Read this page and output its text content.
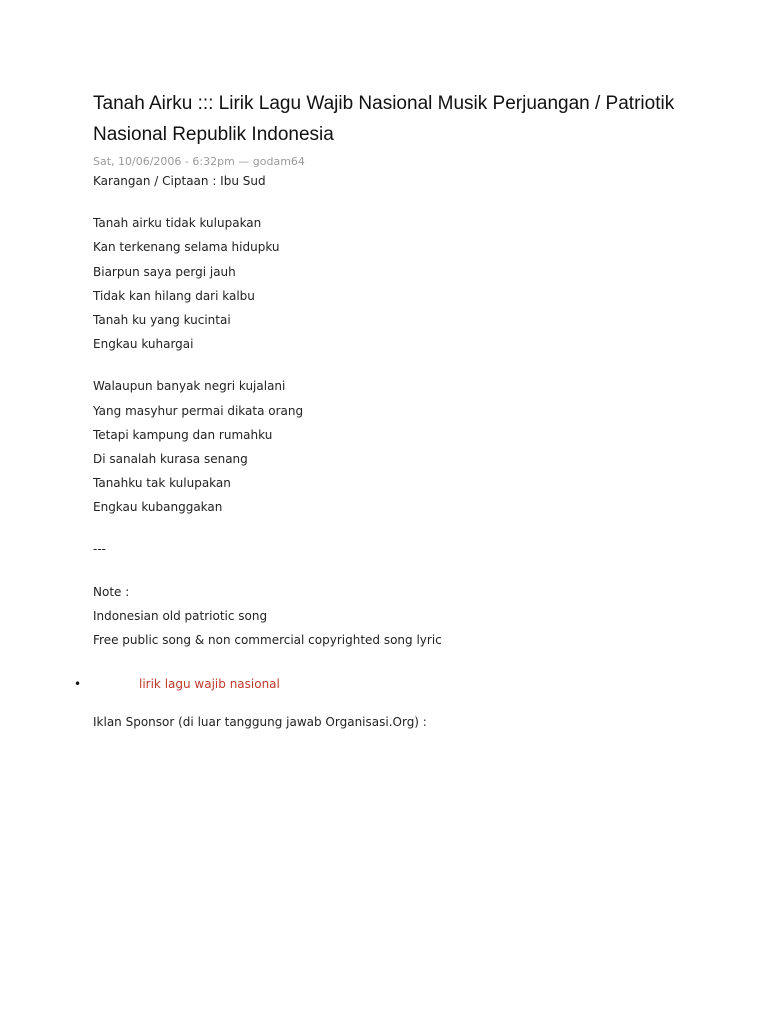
Tanah Airku ::: Lirik Lagu Wajib Nasional Musik Perjuangan / Patriotik Nasional Republik Indonesia
Sat, 10/06/2006 - 6:32pm — godam64
Karangan / Ciptaan : Ibu Sud
Tanah airku tidak kulupakan
Kan terkenang selama hidupku
Biarpun saya pergi jauh
Tidak kan hilang dari kalbu
Tanah ku yang kucintai
Engkau kuhargai
Walaupun banyak negri kujalani
Yang masyhur permai dikata orang
Tetapi kampung dan rumahku
Di sanalah kurasa senang
Tanahku tak kulupakan
Engkau kubanggakan
---
Note :
Indonesian old patriotic song
Free public song & non commercial copyrighted song lyric
•	lirik lagu wajib nasional
Iklan Sponsor (di luar tanggung jawab Organisasi.Org) :
